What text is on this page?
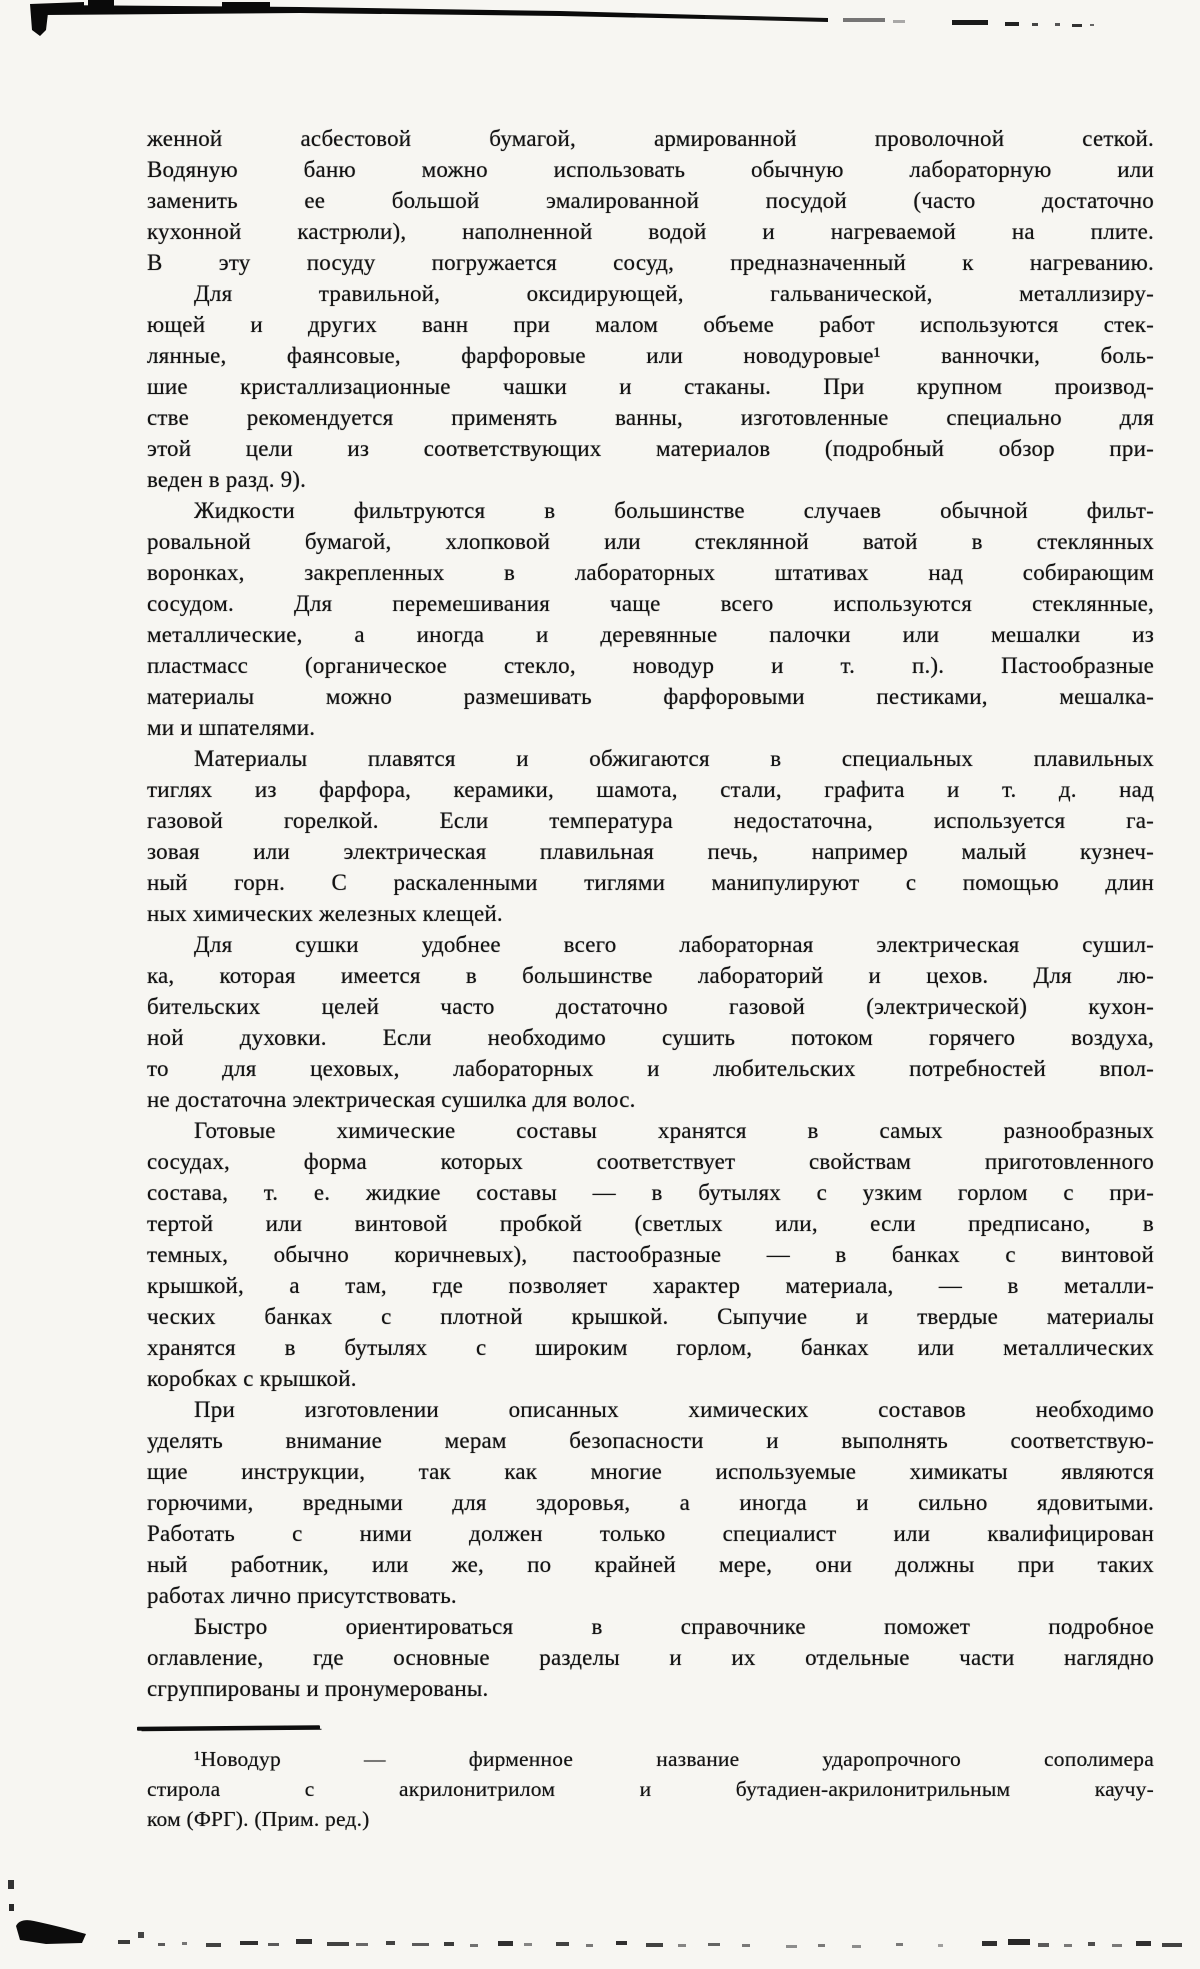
женной асбестовой бумагой, армированной проволочной сеткой.
Водяную баню можно использовать обычную лабораторную или
заменить ее большой эмалированной посудой (часто достаточно
кухонной кастрюли), наполненной водой и нагреваемой на плите.
В эту посуду погружается сосуд, предназначенный к нагреванию.
Для травильной, оксидирующей, гальванической, металлизиру-
ющей и других ванн при малом объеме работ используются стек-
лянные, фаянсовые, фарфоровые или новодуровые¹ ванночки, боль-
шие кристаллизационные чашки и стаканы. При крупном производ-
стве рекомендуется применять ванны, изготовленные специально для
этой цели из соответствующих материалов (подробный обзор при-
веден в разд. 9).
Жидкости фильтруются в большинстве случаев обычной фильт-
ровальной бумагой, хлопковой или стеклянной ватой в стеклянных
воронках, закрепленных в лабораторных штативах над собирающим
сосудом. Для перемешивания чаще всего используются стеклянные,
металлические, а иногда и деревянные палочки или мешалки из
пластмасс (органическое стекло, новодур и т. п.). Пастообразные
материалы можно размешивать фарфоровыми пестиками, мешалка-
ми и шпателями.
Материалы плавятся и обжигаются в специальных плавильных
тиглях из фарфора, керамики, шамота, стали, графита и т. д. над
газовой горелкой. Если температура недостаточна, используется га-
зовая или электрическая плавильная печь, например малый кузнеч-
ный горн. С раскаленными тиглями манипулируют с помощью длин
ных химических железных клещей.
Для сушки удобнее всего лабораторная электрическая сушил-
ка, которая имеется в большинстве лабораторий и цехов. Для лю-
бительских целей часто достаточно газовой (электрической) кухон-
ной духовки. Если необходимо сушить потоком горячего воздуха,
то для цеховых, лабораторных и любительских потребностей впол-
не достаточна электрическая сушилка для волос.
Готовые химические составы хранятся в самых разнообразных
сосудах, форма которых соответствует свойствам приготовленного
состава, т. е. жидкие составы — в бутылях с узким горлом с при-
тертой или винтовой пробкой (светлых или, если предписано, в
темных, обычно коричневых), пастообразные — в банках с винтовой
крышкой, а там, где позволяет характер материала, — в металли-
ческих банках с плотной крышкой. Сыпучие и твердые материалы
хранятся в бутылях с широким горлом, банках или металлических
коробках с крышкой.
При изготовлении описанных химических составов необходимо
уделять внимание мерам безопасности и выполнять соответствую-
щие инструкции, так как многие используемые химикаты являются
горючими, вредными для здоровья, а иногда и сильно ядовитыми.
Работать с ними должен только специалист или квалифицирован
ный работник, или же, по крайней мере, они должны при таких
работах лично присутствовать.
Быстро ориентироваться в справочнике поможет подробное
оглавление, где основные разделы и их отдельные части наглядно
сгруппированы и пронумерованы.
¹Новодур — фирменное название ударопрочного сополимера
стирола с акрилонитрилом и бутадиен-акрилонитрильным каучу-
ком (ФРГ). (Прим. ред.)
